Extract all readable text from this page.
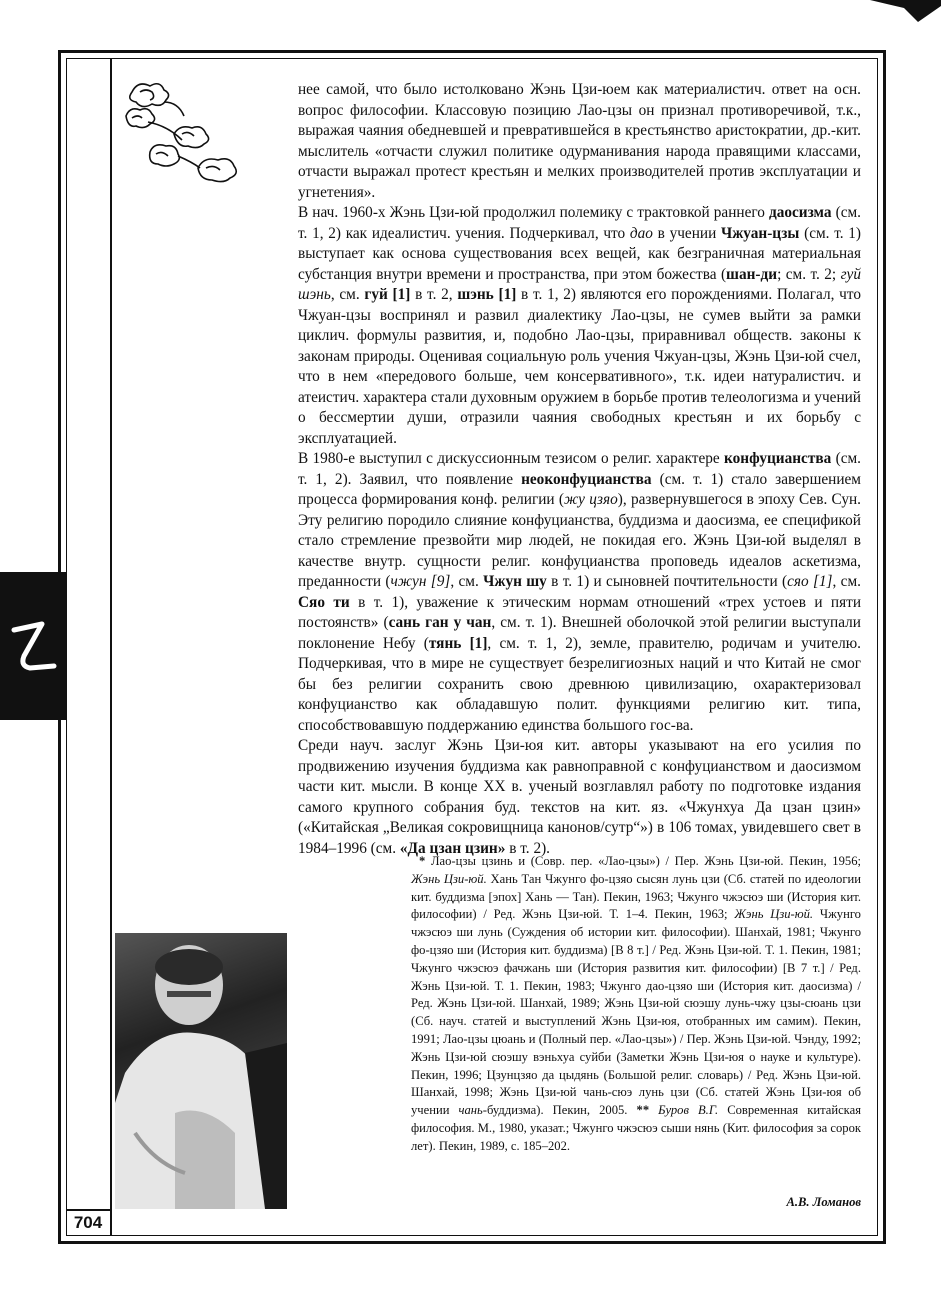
нее самой, что было истолковано Жэнь Цзи-юем как материалистич. ответ на осн. вопрос философии. Классовую позицию Лао-цзы он признал противоречивой, т.к., выражая чаяния обедневшей и превратившейся в крестьянство аристократии, др.-кит. мыслитель «отчасти служил политике одурманивания народа правящими классами, отчасти выражал протест крестьян и мелких производителей против эксплуатации и угнетения».

В нач. 1960-х Жэнь Цзи-юй продолжил полемику с трактовкой раннего даосизма (см. т. 1, 2) как идеалистич. учения. Подчеркивал, что дао в учении Чжуан-цзы (см. т. 1) выступает как основа существования всех вещей, как безграничная материальная субстанция внутри времени и пространства, при этом божества (шан-ди; см. т. 2; гуй шэнь, см. гуй [1] в т. 2, шэнь [1] в т. 1, 2) являются его порождениями. Полагал, что Чжуан-цзы воспринял и развил диалектику Лао-цзы, не сумев выйти за рамки циклич. формулы развития, и, подобно Лао-цзы, приравнивал обществ. законы к законам природы. Оценивая социальную роль учения Чжуан-цзы, Жэнь Цзи-юй счел, что в нем «передового больше, чем консервативного», т.к. идеи натуралистич. и атеистич. характера стали духовным оружием в борьбе против телеологизма и учений о бессмертии души, отразили чаяния свободных крестьян и их борьбу с эксплуатацией.

В 1980-е выступил с дискуссионным тезисом о религ. характере конфуцианства (см. т. 1, 2). Заявил, что появление неоконфуцианства (см. т. 1) стало завершением процесса формирования конф. религии (жу цзяо), развернувшегося в эпоху Сев. Сун. Эту религию породило слияние конфуцианства, буддизма и даосизма, ее спецификой стало стремление презвойти мир людей, не покидая его. Жэнь Цзи-юй выделял в качестве внутр. сущности религ. конфуцианства проповедь идеалов аскетизма, преданности (чжун [9], см. Чжун шу в т. 1) и сыновней почтительности (сяо [1], см. Сяо ти в т. 1), уважение к этическим нормам отношений «трех устоев и пяти постоянств» (сань ган у чан, см. т. 1). Внешней оболочкой этой религии выступали поклонение Небу (тянь [1], см. т. 1, 2), земле, правителю, родичам и учителю. Подчеркивая, что в мире не существует безрелигиозных наций и что Китай не смог бы без религии сохранить свою древнюю цивилизацию, охарактеризовал конфуцианство как обладавшую полит. функциями религию кит. типа, способствовавшую поддержанию единства большого гос-ва.

Среди науч. заслуг Жэнь Цзи-юя кит. авторы указывают на его усилия по продвижению изучения буддизма как равноправной с конфуцианством и даосизмом части кит. мысли. В конце XX в. ученый возглавлял работу по подготовке издания самого крупного собрания буд. текстов на кит. яз. «Чжунхуа Да цзан цзин» («Китайская „Великая сокровищница канонов/сутр“») в 106 томах, увидевшего свет в 1984–1996 (см. «Да цзан цзин» в т. 2).

* Лао-цзы цзинь и (Совр. пер. «Лао-цзы») / Пер. Жэнь Цзи-юй. Пекин, 1956; Жэнь Цзи-юй. Хань Тан Чжунго фо-цзяо сысян лунь цзи (Сб. статей по идеологии кит. буддизма [эпох] Хань — Тан). Пекин, 1963; Чжунго чжэсюэ ши (История кит. философии) / Ред. Жэнь Цзи-юй. Т. 1–4. Пекин, 1963; Жэнь Цзи-юй. Чжунго чжэсюэ ши лунь (Суждения об истории кит. философии). Шанхай, 1981; Чжунго фо-цзяо ши (История кит. буддизма) [В 8 т.] / Ред. Жэнь Цзи-юй. Т. 1. Пекин, 1981; Чжунго чжэсюэ фачжань ши (История развития кит. философии) [В 7 т.] / Ред. Жэнь Цзи-юй. Т. 1. Пекин, 1983; Чжунго дао-цзяо ши (История кит. даосизма) / Ред. Жэнь Цзи-юй. Шанхай, 1989; Жэнь Цзи-юй сюэшу лунь-чжу цзы-сюань цзи (Сб. науч. статей и выступлений Жэнь Цзи-юя, отобранных им самим). Пекин, 1991; Лао-цзы цюань и (Полный пер. «Лао-цзы») / Пер. Жэнь Цзи-юй. Чэнду, 1992; Жэнь Цзи-юй сюэшу вэньхуа суйби (Заметки Жэнь Цзи-юя о науке и культуре). Пекин, 1996; Цзунцзяо да цыдянь (Большой религ. словарь) / Ред. Жэнь Цзи-юй. Шанхай, 1998; Жэнь Цзи-юй чань-сюэ лунь цзи (Сб. статей Жэнь Цзи-юя об учении чань-буддизма). Пекин, 2005. ** Буров В.Г. Современная китайская философия. М., 1980, указат.; Чжунго чжэсюэ сыши нянь (Кит. философия за сорок лет). Пекин, 1989, с. 185–202.

А.В. Ломанов
704
